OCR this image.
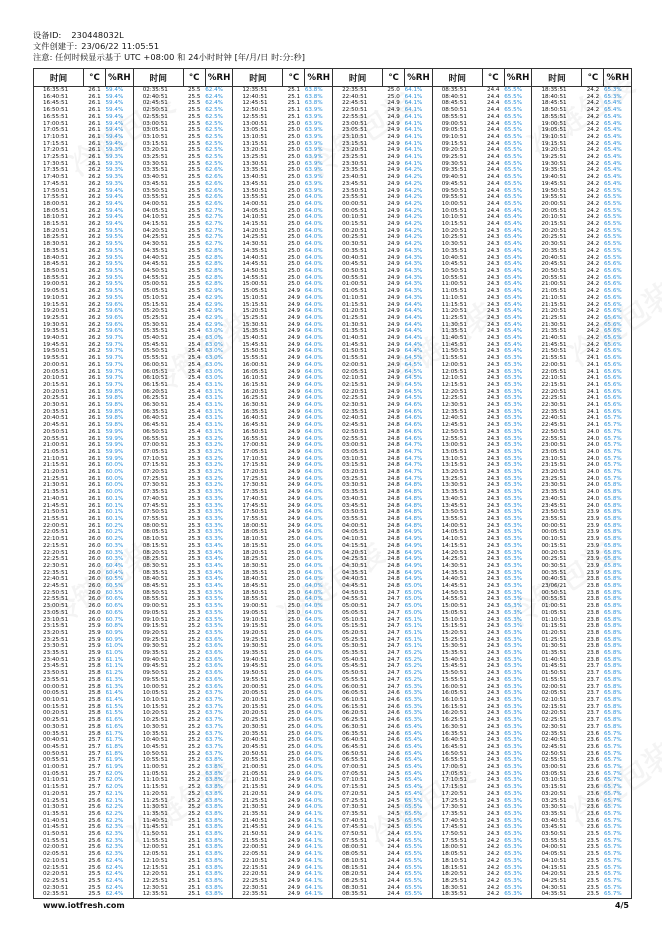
设备ID: 230448032L
文件创建于: 23/06/22 11:05:51
注意: 任何时候显示基于 UTC +08:00 和 24小时时钟 [年/月/日 时:分:秒]
时间	°C	%RH	时间	°C	%RH	时间	°C	%RH	时间	°C	%RH	时间	°C	%RH	时间	°C	%RH
16:35:51	26.1	59.4%	02:35:51	25.5	62.4%	12:35:51	25.1	63.8%	22:35:51	25.0	64.1%	08:35:51	24.4	65.5%	18:35:51	24.2	65.3%
16:40:51	26.1	59.4%	02:40:51	25.5	62.4%	12:40:51	25.1	63.8%	22:40:51	25.0	64.1%	08:40:51	24.4	65.5%	18:40:51	24.2	65.3%
16:45:51	26.1	59.4%	02:45:51	25.5	62.4%	12:45:51	25.1	63.8%	22:45:51	24.9	64.1%	08:45:51	24.4	65.5%	18:45:51	24.2	65.4%
16:50:51	26.1	59.4%	02:50:51	25.5	62.5%	12:50:51	25.1	63.9%	22:50:51	24.9	64.1%	08:50:51	24.4	65.5%	18:50:51	24.2	65.4%
16:55:51	26.1	59.4%	02:55:51	25.5	62.5%	12:55:51	25.1	63.9%	22:55:51	24.9	64.1%	08:55:51	24.4	65.5%	18:55:51	24.2	65.4%
17:00:51	26.1	59.4%	03:00:51	25.5	62.5%	13:00:51	25.0	63.9%	23:00:51	24.9	64.1%	09:00:51	24.4	65.5%	19:00:51	24.2	65.4%
17:05:51	26.1	59.4%	03:05:51	25.5	62.5%	13:05:51	25.0	63.9%	23:05:51	24.9	64.1%	09:05:51	24.4	65.5%	19:05:51	24.2	65.4%
17:10:51	26.1	59.4%	03:10:51	25.5	62.5%	13:10:51	25.0	63.9%	23:10:51	24.9	64.1%	09:10:51	24.4	65.5%	19:10:51	24.2	65.4%
17:15:51	26.1	59.4%	03:15:51	25.5	62.5%	13:15:51	25.0	63.9%	23:15:51	24.9	64.1%	09:15:51	24.4	65.5%	19:15:51	24.2	65.4%
17:20:51	26.1	59.3%	03:20:51	25.5	62.5%	13:20:51	25.0	63.9%	23:20:51	24.9	64.1%	09:20:51	24.4	65.5%	19:20:51	24.2	65.4%
17:25:51	26.1	59.3%	03:25:51	25.5	62.5%	13:25:51	25.0	63.9%	23:25:51	24.9	64.1%	09:25:51	24.4	65.5%	19:25:51	24.2	65.4%
17:30:51	26.1	59.3%	03:30:51	25.5	62.5%	13:30:51	25.0	63.9%	23:30:51	24.9	64.1%	09:30:51	24.4	65.5%	19:30:51	24.2	65.4%
17:35:51	26.2	59.3%	03:35:51	25.5	62.6%	13:35:51	25.0	63.9%	23:35:51	24.9	64.2%	09:35:51	24.4	65.5%	19:35:51	24.2	65.4%
17:40:51	26.2	59.3%	03:40:51	25.5	62.6%	13:40:51	25.0	63.9%	23:40:51	24.9	64.2%	09:40:51	24.4	65.5%	19:40:51	24.2	65.4%
17:45:51	26.2	59.3%	03:45:51	25.5	62.6%	13:45:51	25.0	63.9%	23:45:51	24.9	64.2%	09:45:51	24.4	65.5%	19:45:51	24.2	65.4%
17:50:51	26.2	59.4%	03:50:51	25.5	62.6%	13:50:51	25.0	63.9%	23:50:51	24.9	64.2%	09:50:51	24.4	65.5%	19:50:51	24.2	65.5%
17:55:51	26.2	59.4%	03:55:51	25.5	62.6%	13:55:51	25.0	64.0%	23:55:51	24.9	64.2%	09:55:51	24.4	65.5%	19:55:51	24.2	65.5%
18:00:51	26.2	59.4%	04:00:51	25.5	62.6%	14:00:51	25.0	64.0%	00:00:51	24.9	64.2%	10:00:51	24.4	65.5%	20:00:51	24.2	65.5%
18:05:51	26.2	59.4%	04:05:51	25.5	62.7%	14:05:51	25.0	64.0%	00:05:51	24.9	64.2%	10:05:51	24.4	65.4%	20:05:51	24.2	65.5%
18:10:51	26.2	59.4%	04:10:51	25.5	62.7%	14:10:51	25.0	64.0%	00:10:51	24.9	64.2%	10:10:51	24.4	65.4%	20:10:51	24.2	65.5%
18:15:51	26.2	59.4%	04:15:51	25.5	62.7%	14:15:51	25.0	64.0%	00:15:51	24.9	64.2%	10:15:51	24.4	65.4%	20:15:51	24.2	65.5%
18:20:51	26.2	59.5%	04:20:51	25.5	62.7%	14:20:51	25.0	64.0%	00:20:51	24.9	64.2%	10:20:51	24.3	65.4%	20:20:51	24.2	65.5%
18:25:51	26.2	59.5%	04:25:51	25.5	62.7%	14:25:51	25.0	64.0%	00:25:51	24.9	64.2%	10:25:51	24.3	65.4%	20:25:51	24.2	65.5%
18:30:51	26.2	59.5%	04:30:51	25.5	62.7%	14:30:51	25.0	64.0%	00:30:51	24.9	64.2%	10:30:51	24.3	65.4%	20:30:51	24.2	65.5%
18:35:51	26.2	59.5%	04:35:51	25.5	62.8%	14:35:51	25.0	64.0%	00:35:51	24.9	64.3%	10:35:51	24.3	65.4%	20:35:51	24.2	65.5%
18:40:51	26.2	59.5%	04:40:51	25.5	62.8%	14:40:51	25.0	64.0%	00:40:51	24.9	64.3%	10:40:51	24.3	65.4%	20:40:51	24.2	65.5%
18:45:51	26.2	59.5%	04:45:51	25.5	62.8%	14:45:51	25.0	64.0%	00:45:51	24.9	64.3%	10:45:51	24.3	65.4%	20:45:51	24.2	65.6%
18:50:51	26.2	59.5%	04:50:51	25.5	62.8%	14:50:51	25.0	64.0%	00:50:51	24.9	64.3%	10:50:51	24.3	65.4%	20:50:51	24.2	65.6%
18:55:51	26.2	59.5%	04:55:51	25.5	62.8%	14:55:51	25.0	64.0%	00:55:51	24.9	64.3%	10:55:51	24.3	65.4%	20:55:51	24.2	65.6%
19:00:51	26.2	59.5%	05:00:51	25.5	62.8%	15:00:51	25.0	64.0%	01:00:51	24.9	64.3%	11:00:51	24.3	65.4%	21:00:51	24.2	65.6%
19:05:51	26.2	59.5%	05:05:51	25.5	62.9%	15:05:51	24.9	64.0%	01:05:51	24.9	64.3%	11:05:51	24.3	65.4%	21:05:51	24.2	65.6%
19:10:51	26.2	59.5%	05:10:51	25.4	62.9%	15:10:51	24.9	64.0%	01:10:51	24.9	64.3%	11:10:51	24.3	65.4%	21:10:51	24.2	65.6%
19:15:51	26.2	59.6%	05:15:51	25.4	62.9%	15:15:51	24.9	64.0%	01:15:51	24.9	64.4%	11:15:51	24.3	65.4%	21:15:51	24.2	65.6%
19:20:51	26.2	59.6%	05:20:51	25.4	62.9%	15:20:51	24.9	64.0%	01:20:51	24.9	64.4%	11:20:51	24.3	65.4%	21:20:51	24.2	65.6%
19:25:51	26.2	59.6%	05:25:51	25.4	62.9%	15:25:51	24.9	64.0%	01:25:51	24.9	64.4%	11:25:51	24.3	65.4%	21:25:51	24.2	65.6%
19:30:51	26.2	59.6%	05:30:51	25.4	62.9%	15:30:51	24.9	64.0%	01:30:51	24.9	64.4%	11:30:51	24.3	65.4%	21:30:51	24.2	65.6%
19:35:51	26.2	59.6%	05:35:51	25.4	63.0%	15:35:51	24.9	64.0%	01:35:51	24.9	64.4%	11:35:51	24.3	65.4%	21:35:51	24.2	65.6%
19:40:51	26.2	59.7%	05:40:51	25.4	63.0%	15:40:51	24.9	64.0%	01:40:51	24.9	64.4%	11:40:51	24.3	65.4%	21:40:51	24.2	65.6%
19:45:51	26.2	59.7%	05:45:51	25.4	63.0%	15:45:51	24.9	64.0%	01:45:51	24.9	64.4%	11:45:51	24.3	65.4%	21:45:51	24.2	65.6%
19:50:51	26.2	59.7%	05:50:51	25.4	63.0%	15:50:51	24.9	64.0%	01:50:51	24.9	64.4%	11:50:51	24.3	65.4%	21:50:51	24.2	65.6%
19:55:51	26.1	59.7%	05:55:51	25.4	63.0%	15:55:51	24.9	64.0%	01:55:51	24.9	64.5%	11:55:51	24.3	65.3%	21:55:51	24.1	65.6%
20:00:51	26.1	59.7%	06:00:51	25.4	63.0%	16:00:51	24.9	64.0%	02:00:51	24.9	64.5%	12:00:51	24.3	65.3%	22:00:51	24.1	65.6%
20:05:51	26.1	59.7%	06:05:51	25.4	63.0%	16:05:51	24.9	64.0%	02:05:51	24.9	64.5%	12:05:51	24.3	65.3%	22:05:51	24.1	65.6%
20:10:51	26.1	59.7%	06:10:51	25.4	63.0%	16:10:51	24.9	64.0%	02:10:51	24.9	64.5%	12:10:51	24.3	65.3%	22:10:51	24.1	65.6%
20:15:51	26.1	59.7%	06:15:51	25.4	63.1%	16:15:51	24.9	64.0%	02:15:51	24.9	64.5%	12:15:51	24.3	65.3%	22:15:51	24.1	65.6%
20:20:51	26.1	59.8%	06:20:51	25.4	63.1%	16:20:51	24.9	64.0%	02:20:51	24.9	64.5%	12:20:51	24.3	65.3%	22:20:51	24.1	65.6%
20:25:51	26.1	59.8%	06:25:51	25.4	63.1%	16:25:51	24.9	64.0%	02:25:51	24.9	64.5%	12:25:51	24.3	65.3%	22:25:51	24.1	65.6%
20:30:51	26.1	59.8%	06:30:51	25.4	63.1%	16:30:51	24.9	64.0%	02:30:51	24.9	64.6%	12:30:51	24.3	65.3%	22:30:51	24.1	65.6%
20:35:51	26.1	59.8%	06:35:51	25.4	63.1%	16:35:51	24.9	64.0%	02:35:51	24.9	64.6%	12:35:51	24.3	65.3%	22:35:51	24.1	65.6%
20:40:51	26.1	59.8%	06:40:51	25.4	63.1%	16:40:51	24.9	64.0%	02:40:51	24.8	64.6%	12:40:51	24.3	65.3%	22:40:51	24.1	65.7%
20:45:51	26.1	59.8%	06:45:51	25.4	63.1%	16:45:51	24.9	64.0%	02:45:51	24.8	64.6%	12:45:51	24.3	65.3%	22:45:51	24.1	65.7%
20:50:51	26.1	59.9%	06:50:51	25.4	63.1%	16:50:51	24.9	64.0%	02:50:51	24.8	64.6%	12:50:51	24.3	65.3%	22:50:51	24.0	65.7%
20:55:51	26.1	59.9%	06:55:51	25.3	63.2%	16:55:51	24.9	64.0%	02:55:51	24.8	64.6%	12:55:51	24.3	65.3%	22:55:51	24.0	65.7%
21:00:51	26.1	59.9%	07:00:51	25.3	63.2%	17:00:51	24.9	64.0%	03:00:51	24.8	64.7%	13:00:51	24.3	65.3%	23:00:51	24.0	65.7%
21:05:51	26.1	59.9%	07:05:51	25.3	63.2%	17:05:51	24.9	64.0%	03:05:51	24.8	64.7%	13:05:51	24.3	65.3%	23:05:51	24.0	65.7%
21:10:51	26.1	59.9%	07:10:51	25.3	63.2%	17:10:51	24.9	64.0%	03:10:51	24.8	64.7%	13:10:51	24.3	65.3%	23:10:51	24.0	65.7%
21:15:51	26.1	60.0%	07:15:51	25.3	63.2%	17:15:51	24.9	64.0%	03:15:51	24.8	64.7%	13:15:51	24.3	65.3%	23:15:51	24.0	65.7%
21:20:51	26.1	60.0%	07:20:51	25.3	63.2%	17:20:51	24.9	64.0%	03:20:51	24.8	64.7%	13:20:51	24.3	65.3%	23:20:51	24.0	65.7%
21:25:51	26.1	60.0%	07:25:51	25.3	63.2%	17:25:51	24.9	64.0%	03:25:51	24.8	64.7%	13:25:51	24.3	65.3%	23:25:51	24.0	65.7%
21:30:51	26.1	60.0%	07:30:51	25.3	63.2%	17:30:51	24.9	64.0%	03:30:51	24.8	64.8%	13:30:51	24.3	65.3%	23:30:51	24.0	65.8%
21:35:51	26.1	60.0%	07:35:51	25.3	63.3%	17:35:51	24.9	64.0%	03:35:51	24.8	64.8%	13:35:51	24.3	65.3%	23:35:51	24.0	65.8%
21:40:51	26.1	60.1%	07:40:51	25.3	63.3%	17:40:51	24.9	64.0%	03:40:51	24.8	64.8%	13:40:51	24.3	65.3%	23:40:51	24.0	65.8%
21:45:51	26.1	60.1%	07:45:51	25.3	63.3%	17:45:51	24.9	64.0%	03:45:51	24.8	64.8%	13:45:51	24.3	65.3%	23:45:51	24.0	65.8%
21:50:51	26.1	60.1%	07:50:51	25.3	63.3%	17:50:51	24.9	64.0%	03:50:51	24.8	64.8%	13:50:51	24.3	65.3%	23:50:51	23.9	65.8%
21:55:51	26.1	60.1%	07:55:51	25.3	63.3%	17:55:51	24.9	64.0%	03:55:51	24.8	64.8%	13:55:51	24.3	65.3%	23:55:51	23.9	65.8%
22:00:51	26.1	60.2%	08:00:51	25.3	63.3%	18:00:51	24.9	64.0%	04:00:51	24.8	64.8%	14:00:51	24.3	65.3%	00:00:51	23.9	65.8%
22:05:51	26.1	60.2%	08:05:51	25.3	63.3%	18:05:51	24.9	64.0%	04:05:51	24.8	64.9%	14:05:51	24.3	65.3%	00:05:51	23.9	65.8%
22:10:51	26.0	60.2%	08:10:51	25.3	63.3%	18:10:51	25.0	64.0%	04:10:51	24.8	64.9%	14:10:51	24.3	65.3%	00:10:51	23.9	65.8%
22:15:51	26.0	60.3%	08:15:51	25.3	63.4%	18:15:51	25.0	64.0%	04:15:51	24.8	64.9%	14:15:51	24.3	65.3%	00:15:51	23.9	65.8%
22:20:51	26.0	60.3%	08:20:51	25.3	63.4%	18:20:51	25.0	64.0%	04:20:51	24.8	64.9%	14:20:51	24.3	65.3%	00:20:51	23.9	65.8%
22:25:51	26.0	60.3%	08:25:51	25.3	63.4%	18:25:51	25.0	64.0%	04:25:51	24.8	64.9%	14:25:51	24.3	65.3%	00:25:51	23.9	65.8%
22:30:51	26.0	60.4%	08:30:51	25.3	63.4%	18:30:51	25.0	64.0%	04:30:51	24.8	64.9%	14:30:51	24.3	65.3%	00:30:51	23.9	65.8%
22:35:51	26.0	60.4%	08:35:51	25.3	63.4%	18:35:51	25.0	64.0%	04:35:51	24.8	64.9%	14:35:51	24.3	65.3%	00:35:51	23.9	65.8%
22:40:51	26.0	60.5%	08:40:51	25.3	63.4%	18:40:51	25.0	64.0%	04:40:51	24.8	64.9%	14:40:51	24.3	65.3%	00:40:51	23.8	65.8%
22:45:51	26.0	60.5%	08:45:51	25.3	63.4%	18:45:51	25.0	64.0%	04:45:51	24.8	65.0%	14:45:51	24.3	65.3%	23/06/21	23.8	65.8%
22:50:51	26.0	60.5%	08:50:51	25.3	63.5%	18:50:51	25.0	64.0%	04:50:51	24.7	65.0%	14:50:51	24.3	65.3%	00:50:51	23.8	65.8%
22:55:51	26.0	60.6%	08:55:51	25.3	63.5%	18:55:51	25.0	64.0%	04:55:51	24.7	65.0%	14:55:51	24.3	65.3%	00:55:51	23.8	65.8%
23:00:51	26.0	60.6%	09:00:51	25.3	63.5%	19:00:51	25.0	64.0%	05:00:51	24.7	65.0%	15:00:51	24.3	65.3%	01:00:51	23.8	65.8%
23:05:51	26.0	60.6%	09:05:51	25.3	63.5%	19:05:51	25.0	64.0%	05:05:51	24.7	65.0%	15:05:51	24.3	65.3%	01:05:51	23.8	65.8%
23:10:51	26.0	60.7%	09:10:51	25.2	63.5%	19:10:51	25.0	64.0%	05:10:51	24.7	65.1%	15:10:51	24.3	65.3%	01:10:51	23.8	65.8%
23:15:51	25.9	60.8%	09:15:51	25.2	63.5%	19:15:51	25.0	64.0%	05:15:51	24.7	65.1%	15:15:51	24.3	65.3%	01:15:51	23.8	65.8%
23:20:51	25.9	60.9%	09:20:51	25.2	63.5%	19:20:51	25.0	64.0%	05:20:51	24.7	65.1%	15:20:51	24.3	65.3%	01:20:51	23.8	65.8%
23:25:51	25.9	60.9%	09:25:51	25.2	63.6%	19:25:51	25.0	64.0%	05:25:51	24.7	65.1%	15:25:51	24.3	65.3%	01:25:51	23.8	65.8%
23:30:51	25.9	61.0%	09:30:51	25.2	63.6%	19:30:51	25.0	64.0%	05:30:51	24.7	65.1%	15:30:51	24.3	65.3%	01:30:51	23.8	65.8%
23:35:51	25.9	61.0%	09:35:51	25.2	63.6%	19:35:51	25.0	64.0%	05:35:51	24.7	65.2%	15:35:51	24.3	65.3%	01:35:51	23.8	65.8%
23:40:51	25.9	61.1%	09:40:51	25.2	63.6%	19:40:51	25.0	64.0%	05:40:51	24.7	65.2%	15:40:51	24.3	65.3%	01:40:51	23.8	65.8%
23:45:51	25.8	61.1%	09:45:51	25.2	63.6%	19:45:51	25.0	64.0%	05:45:51	24.7	65.2%	15:45:51	24.3	65.3%	01:45:51	23.7	65.8%
23:50:51	25.8	61.2%	09:50:51	25.2	63.6%	19:50:51	25.0	64.0%	05:50:51	24.7	65.2%	15:50:51	24.3	65.3%	01:50:51	23.7	65.8%
23:55:51	25.8	61.3%	09:55:51	25.2	63.6%	19:55:51	25.0	64.0%	05:55:51	24.7	65.2%	15:55:51	24.3	65.3%	01:55:51	23.7	65.8%
00:00:51	25.8	61.3%	10:00:51	25.2	63.6%	20:00:51	25.0	64.0%	06:00:51	24.7	65.3%	16:00:51	24.3	65.3%	02:00:51	23.7	65.8%
00:05:51	25.8	61.4%	10:05:51	25.2	63.7%	20:05:51	25.0	64.0%	06:05:51	24.6	65.3%	16:05:51	24.3	65.3%	02:05:51	23.7	65.8%
00:10:51	25.8	61.4%	10:10:51	25.2	63.7%	20:10:51	25.0	64.0%	06:10:51	24.6	65.3%	16:10:51	24.3	65.3%	02:10:51	23.7	65.8%
00:15:51	25.8	61.5%	10:15:51	25.2	63.7%	20:15:51	25.0	64.0%	06:15:51	24.6	65.3%	16:15:51	24.3	65.3%	02:15:51	23.7	65.8%
00:20:51	25.8	61.5%	10:20:51	25.2	63.7%	20:20:51	25.0	64.0%	06:20:51	24.6	65.3%	16:20:51	24.3	65.3%	02:20:51	23.7	65.8%
00:25:51	25.8	61.6%	10:25:51	25.2	63.7%	20:25:51	25.0	64.0%	06:25:51	24.6	65.3%	16:25:51	24.3	65.3%	02:25:51	23.7	65.8%
00:30:51	25.8	61.6%	10:30:51	25.2	63.7%	20:30:51	25.0	64.0%	06:30:51	24.6	65.4%	16:30:51	24.3	65.3%	02:30:51	23.7	65.8%
00:35:51	25.8	61.7%	10:35:51	25.2	63.7%	20:35:51	25.0	64.0%	06:35:51	24.6	65.4%	16:35:51	24.3	65.3%	02:35:51	23.6	65.7%
00:40:51	25.7	61.7%	10:40:51	25.2	63.7%	20:40:51	25.0	64.0%	06:40:51	24.6	65.4%	16:40:51	24.3	65.3%	02:40:51	23.6	65.7%
00:45:51	25.7	61.8%	10:45:51	25.2	63.7%	20:45:51	25.0	64.0%	06:45:51	24.6	65.4%	16:45:51	24.3	65.3%	02:45:51	23.6	65.7%
00:50:51	25.7	61.8%	10:50:51	25.2	63.7%	20:50:51	25.0	64.0%	06:50:51	24.6	65.4%	16:50:51	24.3	65.3%	02:50:51	23.6	65.7%
00:55:51	25.7	61.9%	10:55:51	25.2	63.8%	20:55:51	25.0	64.0%	06:55:51	24.6	65.4%	16:55:51	24.3	65.3%	02:55:51	23.6	65.7%
01:00:51	25.7	61.9%	11:00:51	25.2	63.8%	21:00:51	25.0	64.0%	07:00:51	24.5	65.4%	17:00:51	24.3	65.3%	03:00:51	23.6	65.7%
01:05:51	25.7	62.0%	11:05:51	25.2	63.8%	21:05:51	25.0	64.0%	07:05:51	24.5	65.4%	17:05:51	24.3	65.3%	03:05:51	23.6	65.7%
01:10:51	25.7	62.0%	11:10:51	25.2	63.8%	21:10:51	24.9	64.0%	07:10:51	24.5	65.4%	17:10:51	24.3	65.3%	03:10:51	23.6	65.7%
01:15:51	25.7	62.0%	11:15:51	25.2	63.8%	21:15:51	24.9	64.0%	07:15:51	24.5	65.4%	17:15:51	24.3	65.3%	03:15:51	23.6	65.7%
01:20:51	25.7	62.1%	11:20:51	25.2	63.8%	21:20:51	24.9	64.0%	07:20:51	24.5	65.4%	17:20:51	24.3	65.3%	03:20:51	23.6	65.7%
01:25:51	25.6	62.1%	11:25:51	25.2	63.8%	21:25:51	24.9	64.0%	07:25:51	24.5	65.5%	17:25:51	24.3	65.3%	03:25:51	23.6	65.7%
01:30:51	25.6	62.2%	11:30:51	25.2	63.8%	21:30:51	24.9	64.0%	07:30:51	24.5	65.5%	17:30:51	24.3	65.3%	03:30:51	23.6	65.7%
01:35:51	25.6	62.2%	11:35:51	25.2	63.8%	21:35:51	24.9	64.1%	07:35:51	24.5	65.5%	17:35:51	24.3	65.3%	03:35:51	23.6	65.7%
01:40:51	25.6	62.2%	11:40:51	25.1	63.8%	21:40:51	24.9	64.1%	07:40:51	24.5	65.5%	17:40:51	24.3	65.3%	03:40:51	23.6	65.7%
01:45:51	25.6	62.3%	11:45:51	25.1	63.8%	21:45:51	24.9	64.1%	07:45:51	24.5	65.5%	17:45:51	24.3	65.3%	03:45:51	23.6	65.7%
01:50:51	25.6	62.3%	11:50:51	25.1	63.8%	21:50:51	24.9	64.1%	07:50:51	24.4	65.5%	17:50:51	24.3	65.3%	03:50:51	23.5	65.7%
01:55:51	25.6	62.3%	11:55:51	25.1	63.8%	21:55:51	24.9	64.1%	07:55:51	24.4	65.5%	17:55:51	24.2	65.3%	03:55:51	23.5	65.7%
02:00:51	25.6	62.3%	12:00:51	25.1	63.8%	22:00:51	24.9	64.1%	08:00:51	24.4	65.5%	18:00:51	24.2	65.3%	04:00:51	23.5	65.7%
02:05:51	25.6	62.3%	12:05:51	25.1	63.8%	22:05:51	24.9	64.1%	08:05:51	24.4	65.5%	18:05:51	24.2	65.3%	04:05:51	23.5	65.7%
02:10:51	25.6	62.4%	12:10:51	25.1	63.8%	22:10:51	24.9	64.1%	08:10:51	24.4	65.5%	18:10:51	24.2	65.3%	04:10:51	23.5	65.7%
02:15:51	25.6	62.4%	12:15:51	25.1	63.8%	22:15:51	24.9	64.1%	08:15:51	24.4	65.5%	18:15:51	24.2	65.3%	04:15:51	23.5	65.7%
02:20:51	25.5	62.4%	12:20:51	25.1	63.8%	22:20:51	24.9	64.1%	08:20:51	24.4	65.5%	18:20:51	24.2	65.3%	04:20:51	23.5	65.7%
02:25:51	25.5	62.4%	12:25:51	25.1	63.8%	22:25:51	24.9	64.1%	08:25:51	24.4	65.5%	18:25:51	24.2	65.3%	04:25:51	23.5	65.7%
02:30:51	25.5	62.4%	12:30:51	25.1	63.8%	22:30:51	24.9	64.1%	08:30:51	24.4	65.5%	18:30:51	24.2	65.3%	04:30:51	23.5	65.7%
02:35:51	25.5	62.4%	12:35:51	25.1	63.8%	22:35:51	24.9	64.1%	08:35:51	24.4	65.5%	18:35:51	24.2	65.3%	04:35:51	23.5	65.7%
www.iotfresh.com	4/5
